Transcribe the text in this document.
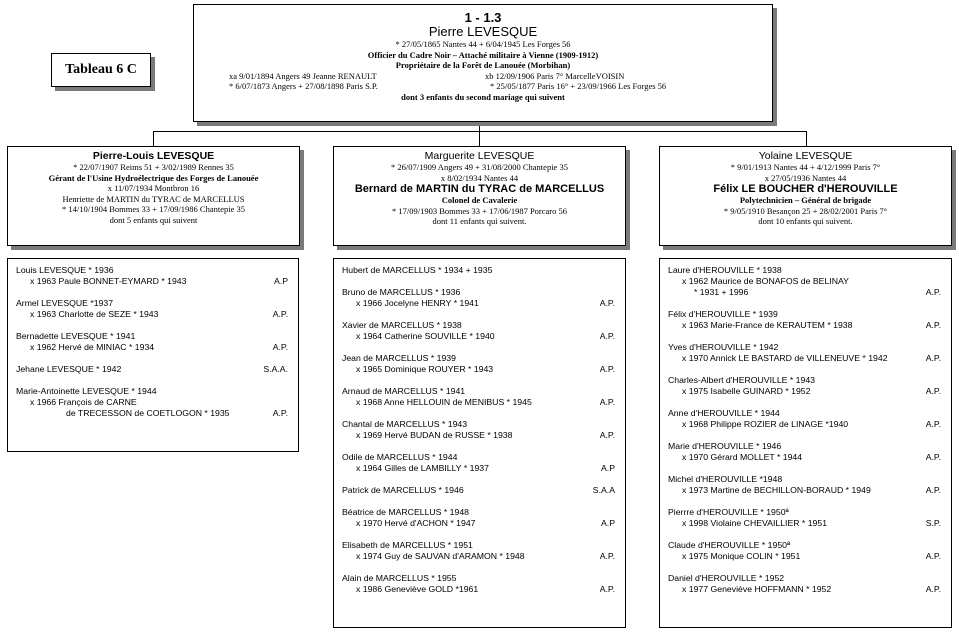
Tableau 6 C
1 - 1.3
Pierre LEVESQUE
* 27/05/1865 Nantes 44 + 6/04/1945 Les Forges 56
Officier du Cadre Noir – Attaché militaire à Vienne (1909-1912)
Propriétaire de la Forêt de Lanouée (Morbihan)
xa 9/01/1894 Angers 49 Jeanne RENAULT	xb 12/09/1906 Paris 7° MarcelleVOISIN
* 6/07/1873 Angers + 27/08/1898 Paris S.P.	* 25/05/1877 Paris 16° + 23/09/1966 Les Forges 56
dont 3 enfants du second mariage qui suivent
Pierre-Louis LEVESQUE
* 22/07/1907 Reims 51 + 3/02/1989 Rennes 35
Gérant de l'Usine Hydroélectrique des Forges de Lanouée
x 11/07/1934 Montbron 16
Henriette de MARTIN du TYRAC de MARCELLUS
* 14/10/1904 Bommes 33 + 17/09/1986 Chantepie 35
dont 5 enfants qui suivent
Marguerite LEVESQUE
* 26/07/1909 Angers 49 + 31/08/2000 Chantepie 35
x 8/02/1934 Nantes 44
Bernard de MARTIN du TYRAC de MARCELLUS
Colonel de Cavalerie
* 17/09/1903 Bommes 33 + 17/06/1987 Porcaro 56
dont 11 enfants qui suivent.
Yolaine LEVESQUE
* 9/01/1913 Nantes 44 + 4/12/1999 Paris 7°
x 27/05/1936 Nantes 44
Félix LE BOUCHER d'HEROUVILLE
Polytechnicien – Général de brigade
* 9/05/1910 Besançon 25 + 28/02/2001 Paris 7°
dont 10 enfants qui suivent.
Louis LEVESQUE * 1936
x 1963 Paule BONNET-EYMARD * 1943	A.P
Armel LEVESQUE *1937
x 1963 Charlotte de SEZE * 1943	A.P.
Bernadette LEVESQUE * 1941
x 1962 Hervé de MINIAC * 1934	A.P.
Jehane LEVESQUE * 1942	S.A.A.
Marie-Antoinette LEVESQUE * 1944
x 1966 François de CARNE
de TRECESSON de COETLOGON * 1935	A.P.
Hubert de MARCELLUS * 1934 + 1935
Bruno de MARCELLUS * 1936
x 1966 Jocelyne HENRY * 1941	A.P.
Xavier de MARCELLUS * 1938
x 1964 Catherine SOUVILLE * 1940	A.P.
Jean de MARCELLUS * 1939
x 1965 Dominique ROUYER * 1943	A.P.
Arnaud de MARCELLUS * 1941
x 1968 Anne HELLOUIN de MENIBUS * 1945	A.P.
Chantal de MARCELLUS * 1943
x 1969 Hervé BUDAN de RUSSE * 1938	A.P.
Odile de MARCELLUS * 1944
x 1964 Gilles de LAMBILLY * 1937	A.P
Patrick de MARCELLUS * 1946	S.A.A
Béatrice de MARCELLUS * 1948
x 1970 Hervé d'ACHON * 1947	A.P
Elisabeth de MARCELLUS * 1951
x 1974 Guy de SAUVAN d'ARAMON * 1948	A.P.
Alain de MARCELLUS * 1955
x 1986 Geneviève GOLD *1961	A.P.
Laure d'HEROUVILLE * 1938
x 1962 Maurice de BONAFOS de BELINAY
* 1931 + 1996	A.P.
Félix d'HEROUVILLE * 1939
x 1963 Marie-France de KERAUTEM * 1938	A.P.
Yves d'HEROUVILLE * 1942
x 1970 Annick LE BASTARD de VILLENEUVE * 1942	A.P.
Charles-Albert d'HEROUVILLE * 1943
x 1975 Isabelle GUINARD * 1952	A.P.
Anne d'HEROUVILLE * 1944
x 1968 Philippe ROZIER de LINAGE *1940	A.P.
Marie d'HEROUVILLE * 1946
x 1970 Gérard MOLLET * 1944	A.P.
Michel d'HEROUVILLE *1948
x 1973 Martine de BECHILLON-BORAUD * 1949	A.P.
Pierrre d'HEROUVILLE * 1950ª
x 1998 Violaine CHEVAILLIER * 1951	S.P.
Claude d'HEROUVILLE * 1950ª
x 1975 Monique COLIN * 1951	A.P.
Daniel d'HEROUVILLE * 1952
x 1977 Geneviève HOFFMANN * 1952	A.P.
